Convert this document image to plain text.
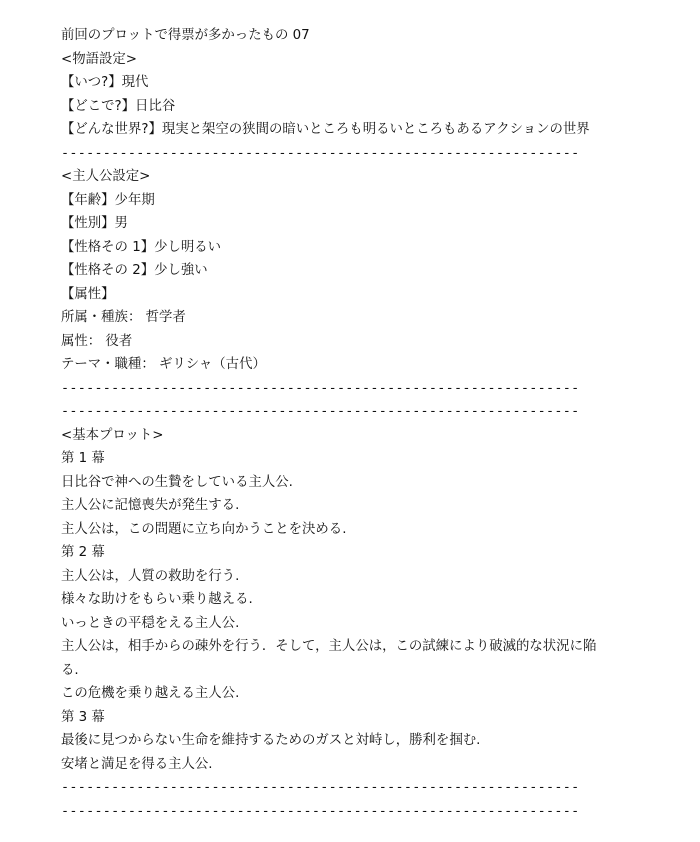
前回のプロットで得票が多かったもの 07
<物語設定>
【いつ?】現代
【どこで?】日比谷
【どんな世界?】現実と架空の狭間の暗いところも明るいところもあるアクションの世界
--------------------------------------------------------------
<主人公設定>
【年齢】少年期
【性別】男
【性格その 1】少し明るい
【性格その 2】少し強い
【属性】
所属・種族： 哲学者
属性： 役者
テーマ・職種： ギリシャ（古代）
--------------------------------------------------------------
--------------------------------------------------------------
<基本プロット>
第 1 幕
日比谷で神への生贄をしている主人公.
主人公に記憶喪失が発生する.
主人公は，この問題に立ち向かうことを決める.
第 2 幕
主人公は，人質の救助を行う.
様々な助けをもらい乗り越える.
いっときの平穏をえる主人公.
主人公は，相手からの疎外を行う．そして，主人公は，この試練により破滅的な状況に陥
る.
この危機を乗り越える主人公.
第 3 幕
最後に見つからない生命を維持するためのガスと対峙し，勝利を掴む.
安堵と満足を得る主人公.
--------------------------------------------------------------
--------------------------------------------------------------
